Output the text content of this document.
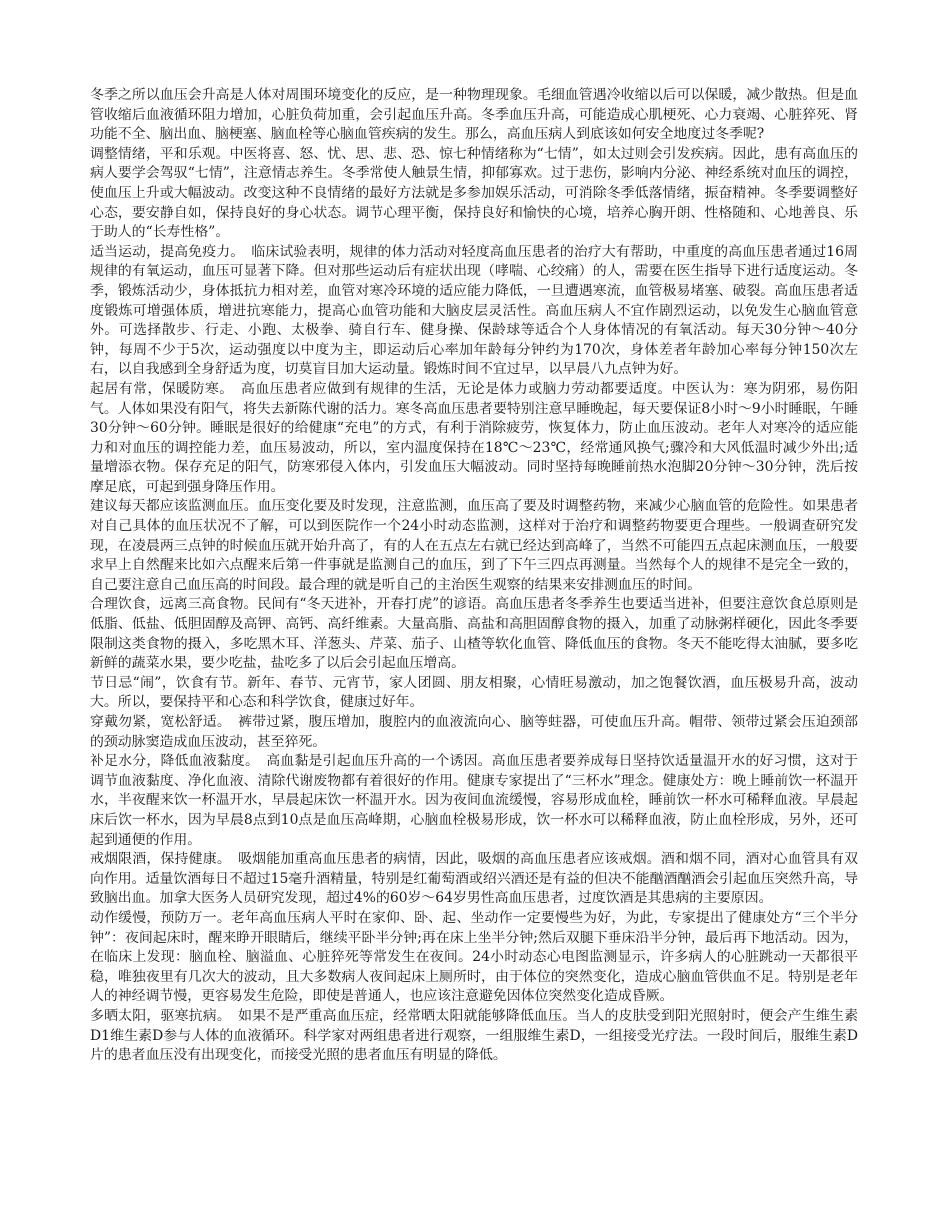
冬季之所以血压会升高是人体对周围环境变化的反应，是一种物理现象。毛细血管遇冷收缩以后可以保暖，减少散热。但是血管收缩后血液循环阻力增加，心脏负荷加重，会引起血压升高。冬季血压升高，可能造成心肌梗死、心力衰竭、心脏猝死、肾功能不全、脑出血、脑梗塞、脑血栓等心脑血管疾病的发生。那么，高血压病人到底该如何安全地度过冬季呢?

调整情绪，平和乐观。中医将喜、怒、忧、思、悲、恐、惊七种情绪称为“七情”，如太过则会引发疾病。因此，患有高血压的病人要学会驾驭“七情”，注意情志养生。冬季常使人触景生情，抑郁寡欢。过于悲伤，影响内分泌、神经系统对血压的调控，使血压上升或大幅波动。改变这种不良情绪的最好方法就是多参加娱乐活动，可消除冬季低落情绪，振奋精神。冬季要调整好心态，要安静自如，保持良好的身心状态。调节心理平衡，保持良好和愉快的心境，培养心胸开朗、性格随和、心地善良、乐于助人的“长寿性格”。

适当运动，提高免疫力。　临床试验表明，规律的体力活动对轻度高血压患者的治疗大有帮助，中重度的高血压患者通过16周规律的有氧运动，血压可显著下降。但对那些运动后有症状出现（哮喘、心绞痛）的人，需要在医生指导下进行适度运动。冬季，锻炼活动少，身体抵抗力相对差，血管对寒冷环境的适应能力降低，一旦遭遇寒流，血管极易堵塞、破裂。高血压患者适度锻炼可增强体质，增进抗寒能力，提高心血管功能和大脑皮层灵活性。高血压病人不宜作剧烈运动，以免发生心脑血管意外。可选择散步、行走、小跑、太极拳、骑自行车、健身操、保龄球等适合个人身体情况的有氧活动。每天30分钟～40分钟，每周不少于5次，运动强度以中度为主，即运动后心率加年龄每分钟约为170次，身体差者年龄加心率每分钟150次左右，以自我感到全身舒适为度，切莫盲目加大运动量。锻炼时间不宜过早，以早晨八九点钟为好。

起居有常，保暖防寒。　高血压患者应做到有规律的生活，无论是体力或脑力劳动都要适度。中医认为：寒为阴邪，易伤阳气。人体如果没有阳气，将失去新陈代谢的活力。寒冬高血压患者要特别注意早睡晚起，每天要保证8小时～9小时睡眠，午睡30分钟～60分钟。睡眠是很好的给健康“充电”的方式，有利于消除疲劳，恢复体力，防止血压波动。老年人对寒冷的适应能力和对血压的调控能力差，血压易波动，所以，室内温度保持在18℃～23℃，经常通风换气;骤冷和大风低温时减少外出;适量增添衣物。保存充足的阳气，防寒邪侵入体内，引发血压大幅波动。同时坚持每晚睡前热水泡脚20分钟～30分钟，洗后按摩足底，可起到强身降压作用。

建议每天都应该监测血压。血压变化要及时发现，注意监测，血压高了要及时调整药物，来减少心脑血管的危险性。如果患者对自己具体的血压状况不了解，可以到医院作一个24小时动态监测，这样对于治疗和调整药物要更合理些。一般调查研究发现，在凌晨两三点钟的时候血压就开始升高了，有的人在五点左右就已经达到高峰了，当然不可能四五点起床测血压，一般要求早上自然醒来比如六点醒来后第一件事就是监测自己的血压，到了下午三四点再测量。当然每个人的规律不是完全一致的，自己要注意自己血压高的时间段。最合理的就是听自己的主治医生观察的结果来安排测血压的时间。

合理饮食，远离三高食物。民间有“冬天进补，开春打虎”的谚语。高血压患者冬季养生也要适当进补，但要注意饮食总原则是低脂、低盐、低胆固醇及高钾、高钙、高纤维素。大量高脂、高盐和高胆固醇食物的摄入，加重了动脉粥样硬化，因此冬季要限制这类食物的摄入，多吃黑木耳、洋葱头、芹菜、茄子、山楂等软化血管、降低血压的食物。冬天不能吃得太油腻，要多吃新鲜的蔬菜水果，要少吃盐，盐吃多了以后会引起血压增高。

节日忌“闹”，饮食有节。新年、春节、元宵节，家人团圆、朋友相聚，心情旺易激动，加之饱餐饮酒，血压极易升高，波动大。所以，要保持平和心态和科学饮食，健康过好年。

穿戴勿紧，宽松舒适。　裤带过紧，腹压增加，腹腔内的血液流向心、脑等蛀器，可使血压升高。帽带、领带过紧会压迫颈部的颈动脉窦造成血压波动，甚至猝死。

补足水分，降低血液黏度。　高血黏是引起血压升高的一个诱因。高血压患者要养成每日坚持饮适量温开水的好习惯，这对于调节血液黏度、净化血液、清除代谢废物都有着很好的作用。健康专家提出了“三杯水”理念。健康处方：晚上睡前饮一杯温开水，半夜醒来饮一杯温开水，早晨起床饮一杯温开水。因为夜间血流缓慢，容易形成血栓，睡前饮一杯水可稀释血液。早晨起床后饮一杯水，因为早晨8点到10点是血压高峰期，心脑血栓极易形成，饮一杯水可以稀释血液，防止血栓形成，另外，还可起到通便的作用。

戒烟限酒，保持健康。　吸烟能加重高血压患者的病情，因此，吸烟的高血压患者应该戒烟。酒和烟不同，酒对心血管具有双向作用。适量饮酒每日不超过15毫升酒精量，特别是红葡萄酒或绍兴酒还是有益的但决不能酗酒酗酒会引起血压突然升高，导致脑出血。加拿大医务人员研究发现，超过4%的60岁～64岁男性高血压患者，过度饮酒是其患病的主要原因。

动作缓慢，预防万一。老年高血压病人平时在家仰、卧、起、坐动作一定要慢些为好，为此，专家提出了健康处方“三个半分钟”：夜间起床时，醒来睁开眼睛后，继续平卧半分钟;再在床上坐半分钟;然后双腿下垂床沿半分钟，最后再下地活动。因为，在临床上发现：脑血栓、脑溢血、心脏猝死等常发生在夜间。24小时动态心电图监测显示，许多病人的心脏跳动一天都很平稳，唯独夜里有几次大的波动，且大多数病人夜间起床上厕所时，由于体位的突然变化，造成心脑血管供血不足。特别是老年人的神经调节慢，更容易发生危险，即使是普通人，也应该注意避免因体位突然变化造成昏厥。

多晒太阳，驱寒抗病。　如果不是严重高血压症，经常晒太阳就能够降低血压。当人的皮肤受到阳光照射时，便会产生维生素D1维生素D参与人体的血液循环。科学家对两组患者进行观察，一组服维生素D，一组接受光疗法。一段时间后，服维生素D片的患者血压没有出现变化，而接受光照的患者血压有明显的降低。
